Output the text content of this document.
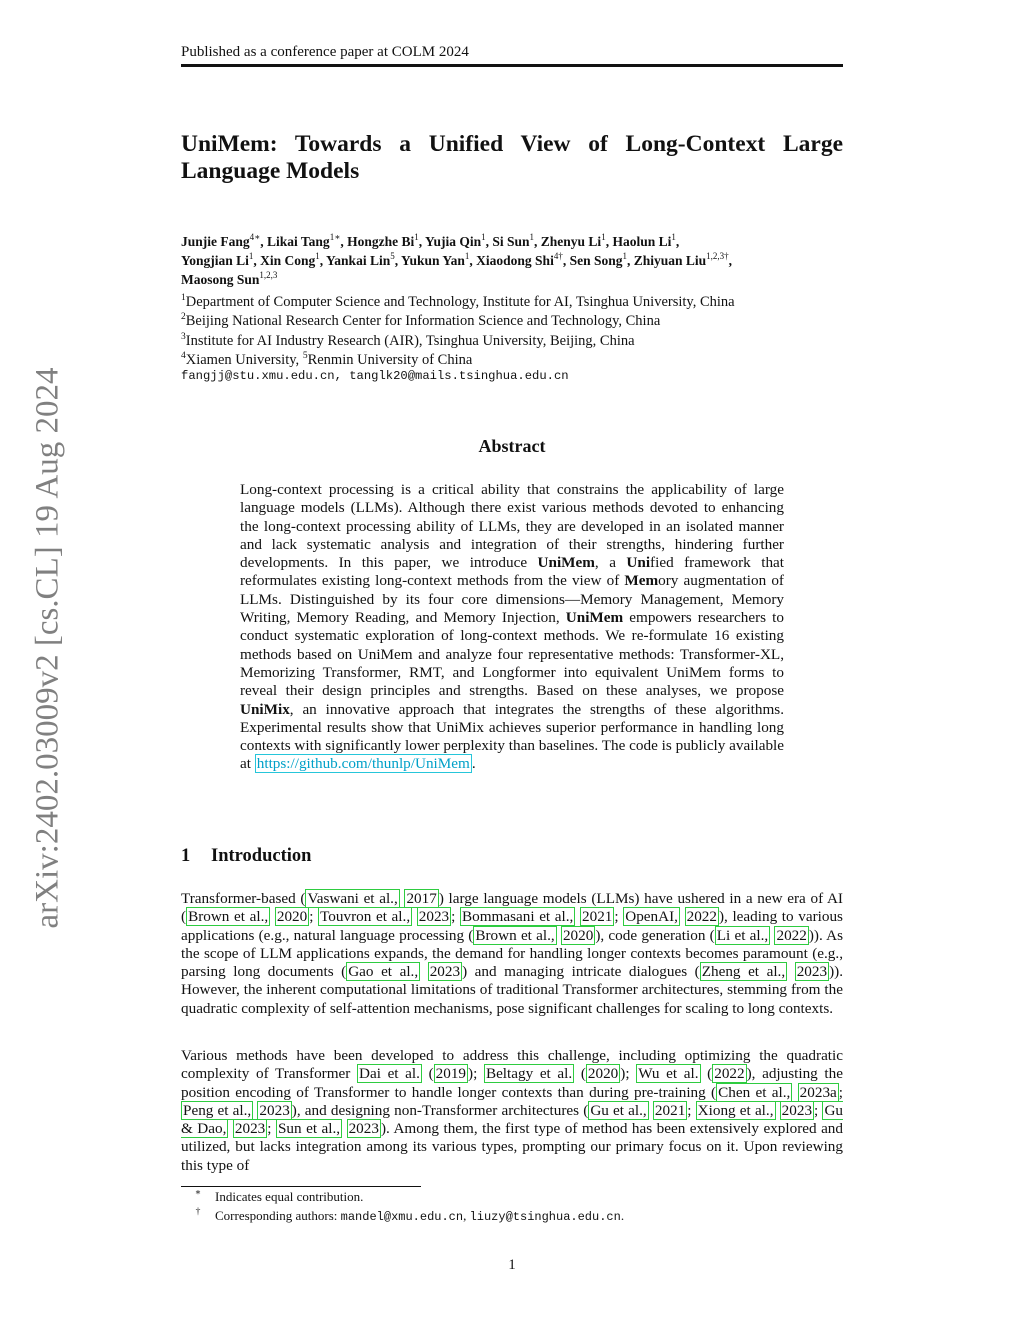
Published as a conference paper at COLM 2024
arXiv:2402.03009v2 [cs.CL] 19 Aug 2024
UniMem: Towards a Unified View of Long-Context Large
Language Models
Junjie Fang$^{4∗}$, Likai Tang$^{1∗}$, Hongzhe Bi$^1$, Yujia Qin$^1$, Si Sun$^1$, Zhenyu Li$^1$, Haolun Li$^1$,
Yongjian Li$^1$, Xin Cong$^1$, Yankai Lin$^5$, Yukun Yan$^1$, Xiaodong Shi$^{4\dagger}$, Sen Song$^1$, Zhiyuan Liu$^{1,2,3\dagger}$,
Maosong Sun$^{1,2,3}$
$^1$Department of Computer Science and Technology, Institute for AI, Tsinghua University, China
$^2$Beijing National Research Center for Information Science and Technology, China
$^3$Institute for AI Industry Research (AIR), Tsinghua University, Beijing, China
$^4$Xiamen University, $^5$Renmin University of China
fangjj@stu.xmu.edu.cn, tanglk20@mails.tsinghua.edu.cn
Abstract

Long-context processing is a critical ability that constrains the applicability of large language models (LLMs). Although there exist various methods devoted to enhancing the long-context processing ability of LLMs, they are developed in an isolated manner and lack systematic analysis and integration of their strengths, hindering further developments. In this paper, we introduce UniMem, a Unified framework that reformulates existing long-context methods from the view of Memory augmentation of LLMs. Distinguished by its four core dimensions—Memory Management, Memory Writing, Memory Reading, and Memory Injection, UniMem empowers researchers to conduct systematic exploration of long-context methods. We re-formulate 16 existing methods based on UniMem and analyze four representative methods: Transformer-XL, Memorizing Transformer, RMT, and Longformer into equivalent UniMem forms to reveal their design principles and strengths. Based on these analyses, we propose UniMix, an innovative approach that integrates the strengths of these algorithms. Experimental results show that UniMix achieves superior performance in handling long contexts with significantly lower perplexity than baselines. The code is publicly available at https://github.com/thunlp/UniMem .

1 Introduction

Transformer-based ( Vaswani et al., 2017 ) large language models (LLMs) have ushered in a new era of AI ( Brown et al., 2020 ; Touvron et al., 2023 ; Bommasani et al., 2021 ; OpenAI, 2022 ), leading to various applications (e.g., natural language processing ( Brown et al., 2020 ), code generation ( Li et al., 2022 )). As the scope of LLM applications expands, the demand for handling longer contexts becomes paramount (e.g., parsing long documents ( Gao et al., 2023 ) and managing intricate dialogues ( Zheng et al., 2023 )). However, the inherent computational limitations of traditional Transformer architectures, stemming from the quadratic complexity of self-attention mechanisms, pose significant challenges for scaling to long contexts.

Various methods have been developed to address this challenge, including optimizing the quadratic complexity of Transformer Dai et al. ( 2019 ); Beltagy et al. ( 2020 ); Wu et al. ( 2022 ), adjusting the position encoding of Transformer to handle longer contexts than during pre-training ( Chen et al., 2023a ; Peng et al., 2023 ), and designing non-Transformer architectures ( Gu et al., 2021 ; Xiong et al., 2023 ; Gu & Dao, 2023 ; Sun et al., 2023 ). Among them, the first type of method has been extensively explored and utilized, but lacks integration among its various types, prompting our primary focus on it. Upon reviewing this type of

∗ Indicates equal contribution.
† Corresponding authors: mandel@xmu.edu.cn, liuzy@tsinghua.edu.cn.
1
